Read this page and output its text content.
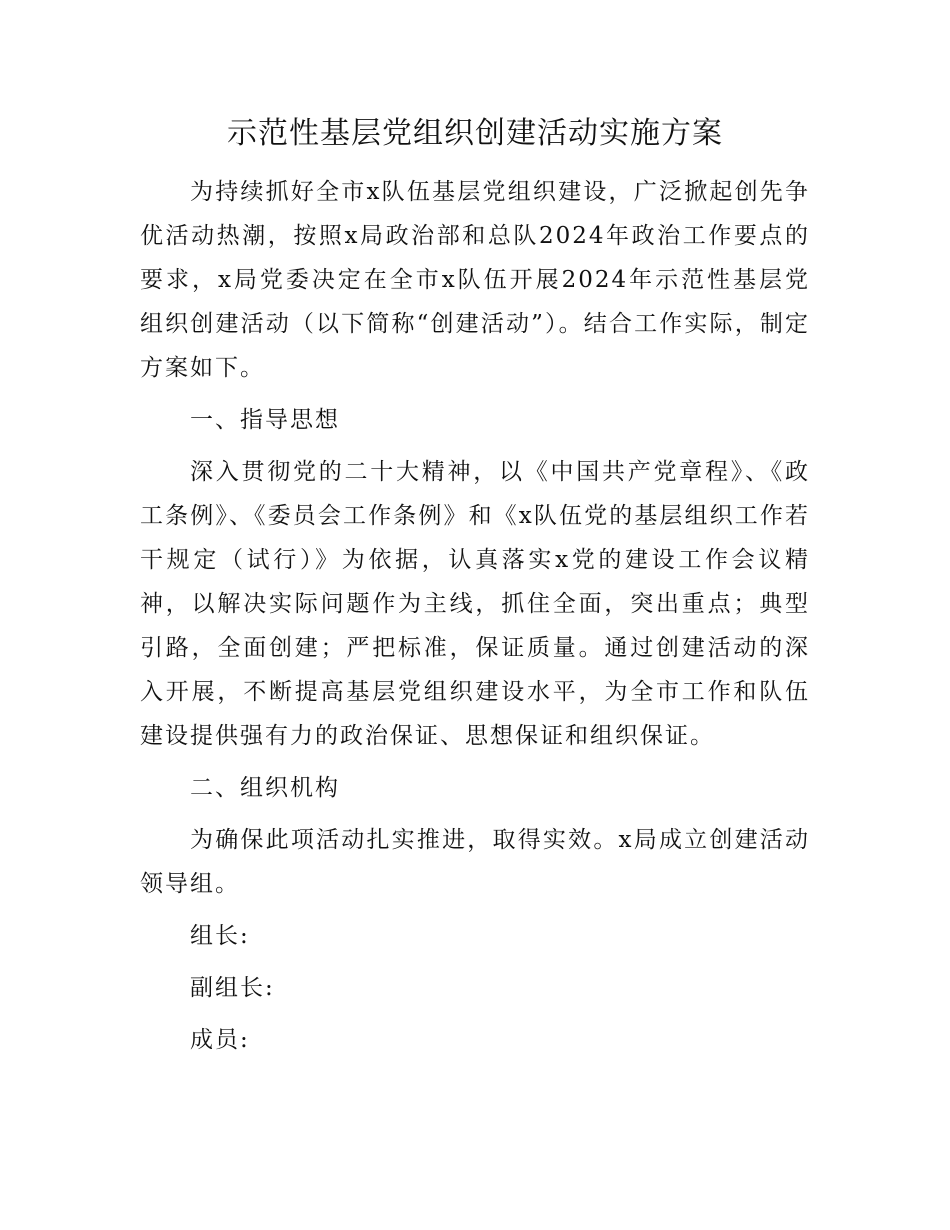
示范性基层党组织创建活动实施方案

为持续抓好全市x队伍基层党组织建设，广泛掀起创先争优活动热潮，按照x局政治部和总队2024年政治工作要点的要求，x局党委决定在全市x队伍开展2024年示范性基层党组织创建活动（以下简称“创建活动”）。结合工作实际，制定方案如下。

一、指导思想

深入贯彻党的二十大精神，以《中国共产党章程》、《政工条例》、《委员会工作条例》和《x队伍党的基层组织工作若干规定（试行）》为依据，认真落实x党的建设工作会议精神，以解决实际问题作为主线，抓住全面，突出重点；典型引路，全面创建；严把标准，保证质量。通过创建活动的深入开展，不断提高基层党组织建设水平，为全市工作和队伍建设提供强有力的政治保证、思想保证和组织保证。

二、组织机构

为确保此项活动扎实推进，取得实效。x局成立创建活动领导组。

组长:

副组长:

成员:
